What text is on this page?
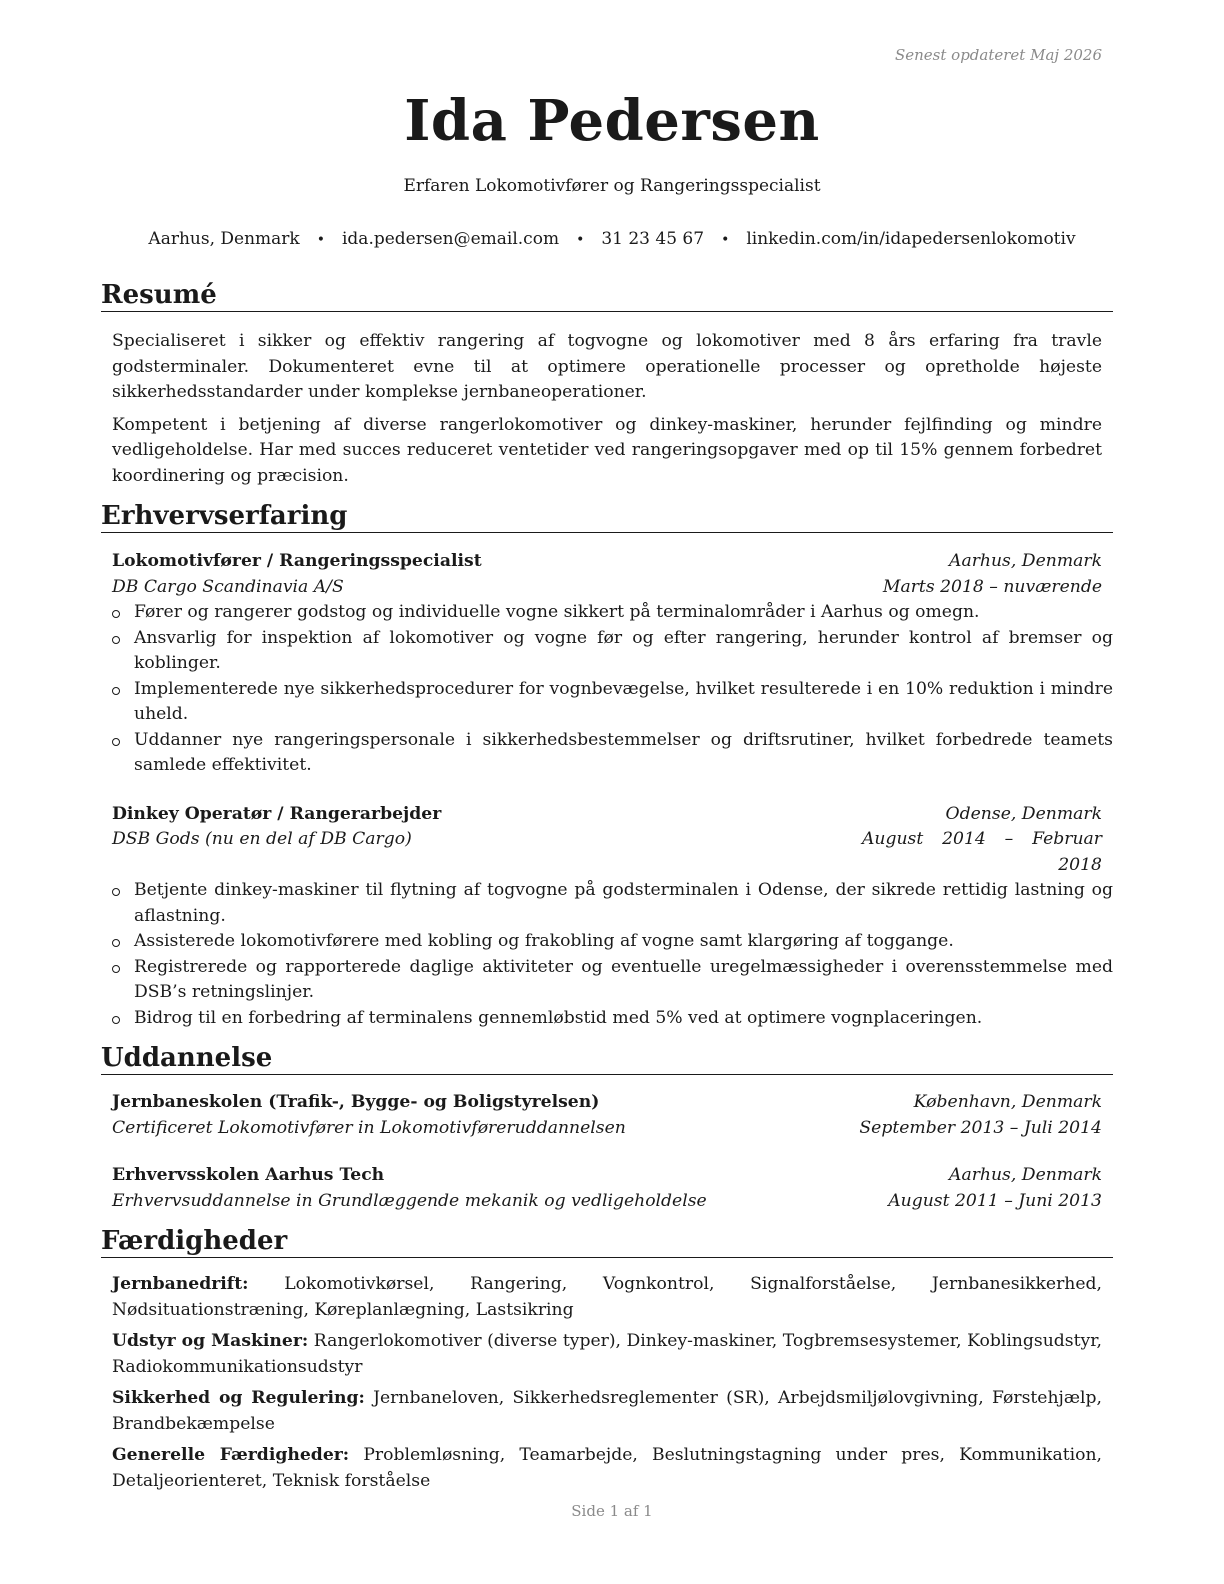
Senest opdateret Maj 2026
Ida Pedersen
Erfaren Lokomotivfører og Rangeringsspecialist
Aarhus, Denmark • ida.pedersen@email.com • 31 23 45 67 • linkedin.com/in/idapedersenlokomotiv
Resumé

Specialiseret i sikker og effektiv rangering af togvogne og lokomotiver med 8 års erfaring fra travle godsterminaler. Dokumenteret evne til at optimere operationelle processer og opretholde højeste sikkerhedsstandarder under komplekse jernbaneoperationer.

Kompetent i betjening af diverse rangerlokomotiver og dinkey-maskiner, herunder fejlfinding og mindre vedligeholdelse. Har med succes reduceret ventetider ved rangeringsopgaver med op til 15% gennem forbedret koordinering og præcision.

Erhvervserfaring
Lokomotivfører / Rangeringsspecialist	Aarhus, Denmark
DB Cargo Scandinavia A/S	Marts 2018 – nuværende
Fører og rangerer godstog og individuelle vogne sikkert på terminalområder i Aarhus og omegn.
Ansvarlig for inspektion af lokomotiver og vogne før og efter rangering, herunder kontrol af bremser og koblinger.
Implementerede nye sikkerhedsprocedurer for vognbevægelse, hvilket resulterede i en 10% reduktion i mindre uheld.
Uddanner nye rangeringspersonale i sikkerhedsbestemmelser og driftsrutiner, hvilket forbedrede teamets samlede effektivitet.
Dinkey Operatør / Rangerarbejder	Odense, Denmark
DSB Gods (nu en del af DB Cargo)	August 2014 – Februar 2018
Betjente dinkey-maskiner til flytning af togvogne på godsterminalen i Odense, der sikrede rettidig lastning og aflastning.
Assisterede lokomotivførere med kobling og frakobling af vogne samt klargøring af toggange.
Registrerede og rapporterede daglige aktiviteter og eventuelle uregelmæssigheder i overensstemmelse med DSB’s retningslinjer.
Bidrog til en forbedring af terminalens gennemløbstid med 5% ved at optimere vognplaceringen.
Uddannelse
Jernbaneskolen (Trafik-, Bygge- og Boligstyrelsen)	København, Denmark
Certificeret Lokomotivfører in Lokomotivføreruddannelsen	September 2013 – Juli 2014
Erhvervsskolen Aarhus Tech	Aarhus, Denmark
Erhvervsuddannelse in Grundlæggende mekanik og vedligeholdelse	August 2011 – Juni 2013
Færdigheder

Jernbanedrift: Lokomotivkørsel, Rangering, Vognkontrol, Signalforståelse, Jernbanesikkerhed, Nødsituationstræning, Køreplanlægning, Lastsikring

Udstyr og Maskiner: Rangerlokomotiver (diverse typer), Dinkey-maskiner, Togbremsesystemer, Koblingsudstyr, Radiokommunikationsudstyr

Sikkerhed og Regulering: Jernbaneloven, Sikkerhedsreglementer (SR), Arbejdsmiljølovgivning, Førstehjælp, Brandbekæmpelse

Generelle Færdigheder: Problemløsning, Teamarbejde, Beslutningstagning under pres, Kommunikation, Detaljeorienteret, Teknisk forståelse

Side 1 af 1
